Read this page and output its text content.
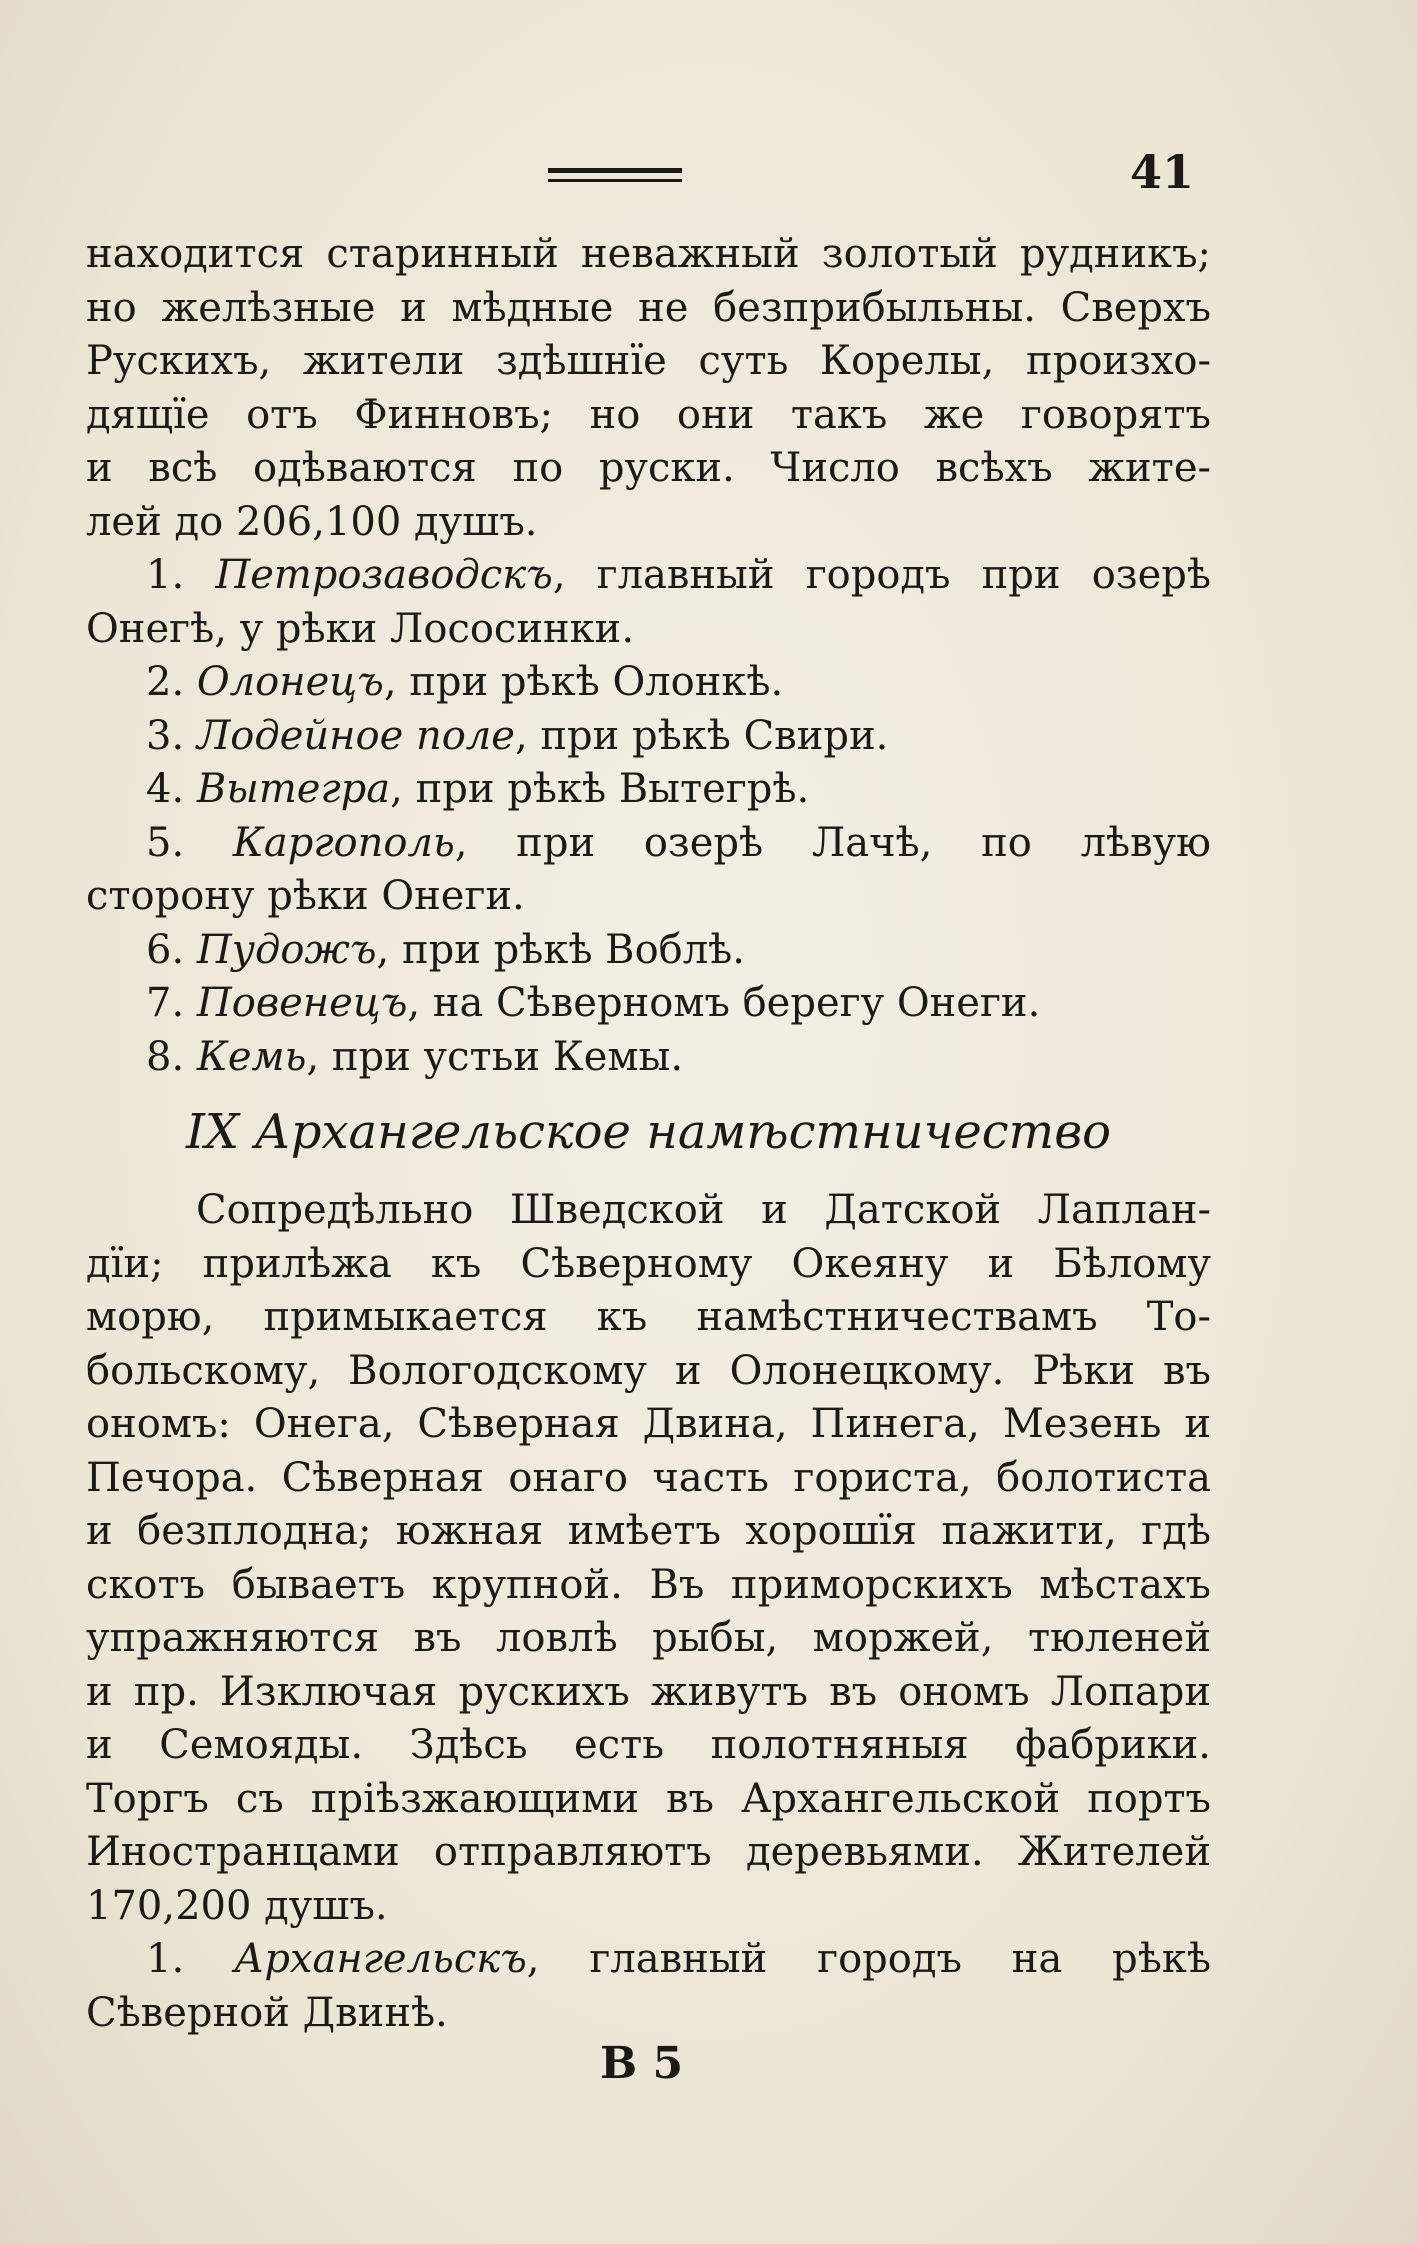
41
находится старинный неважный золотый рудникъ;
но желѣзные и мѣдные не безприбыльны. Сверхъ
Рускихъ, жители здѣшнїе суть Корелы, произхо-
дящїе отъ Финновъ; но они такъ же говорятъ
и всѣ одѣваются по руски. Число всѣхъ жите-
лей до 206,100 душъ.
1. Петрозаводскъ, главный городъ при озерѣ
Онегѣ, у рѣки Лососинки.
2. Олонецъ, при рѣкѣ Олонкѣ.
3. Лодейное поле, при рѣкѣ Свири.
4. Вытегра, при рѣкѣ Вытегрѣ.
5. Каргополь, при озерѣ Лачѣ, по лѣвую
сторону рѣки Онеги.
6. Пудожъ, при рѣкѣ Воблѣ.
7. Повенецъ, на Сѣверномъ берегу Онеги.
8. Кемь, при устьи Кемы.
IX Архангельское намѣстничество
Сопредѣльно Шведской и Датской Лаплан-
дїи; прилѣжа къ Сѣверному Океяну и Бѣлому
морю, примыкается къ намѣстничествамъ То-
больскому, Вологодскому и Олонецкому. Рѣки въ
ономъ: Онега, Сѣверная Двина, Пинега, Мезень и
Печора. Сѣверная онаго часть гориста, болотиста
и безплодна; южная имѣетъ хорошїя пажити, гдѣ
скотъ бываетъ крупной. Въ приморскихъ мѣстахъ
упражняются въ ловлѣ рыбы, моржей, тюленей
и пр. Изключая рускихъ живутъ въ ономъ Лопари
и Семояды. Здѣсь есть полотняныя фабрики.
Торгъ съ прiѣзжающими въ Архангельской портъ
Иностранцами отправляютъ деревьями. Жителей
170,200 душъ.
1. Архангельскъ, главный городъ на рѣкѣ
Сѣверной Двинѣ.
В 5
